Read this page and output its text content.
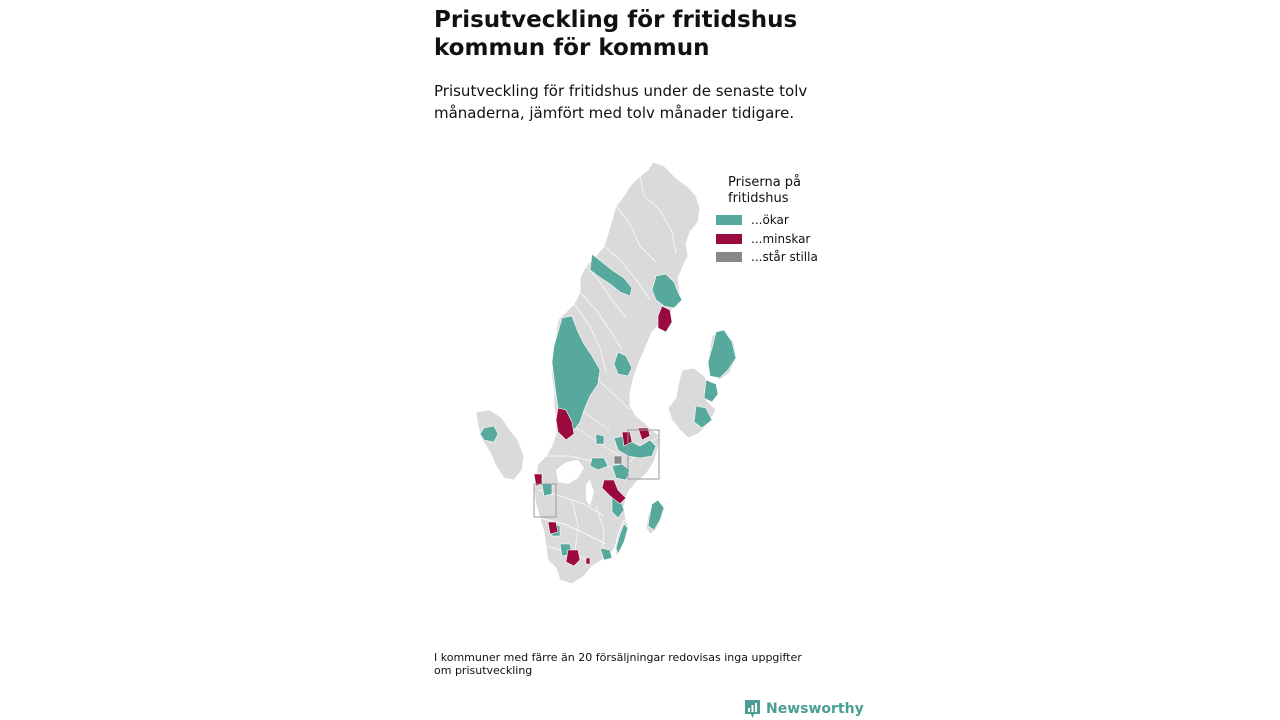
Prisutveckling för fritidshus kommun för kommun

Prisutveckling för fritidshus under de senaste tolv månaderna, jämfört med tolv månader tidigare.

Priserna på fritidshus
...ökar
...minskar
...står stilla

I kommuner med färre än 20 försäljningar redovisas inga uppgifter om prisutveckling

Newsworthy
